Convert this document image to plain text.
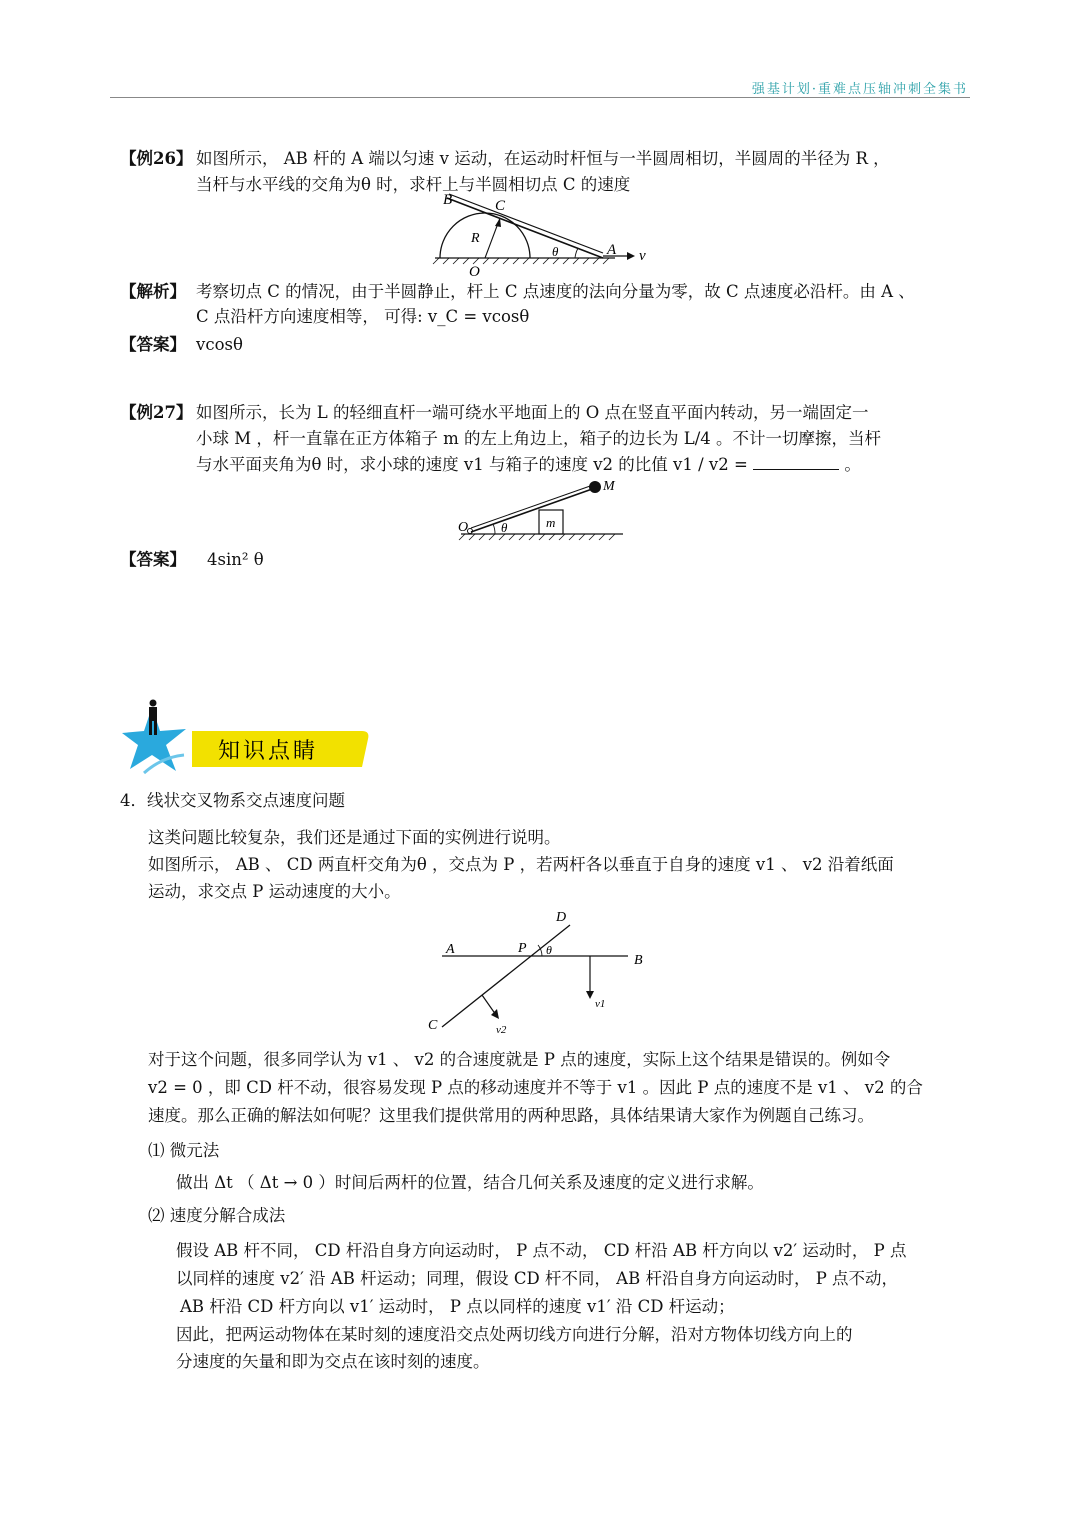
强基计划·重难点压轴冲刺全集书
【例26】 如图所示， AB 杆的 A 端以匀速 v 运动，在运动时杆恒与一半圆周相切，半圆周的半径为 R ，
当杆与水平线的交角为θ 时，求杆上与半圆相切点 C 的速度
B	C
R
O
θ	A v
【解析】 考察切点 C 的情况，由于半圆静止，杆上 C 点速度的法向分量为零，故 C 点速度必沿杆。由 A 、
C 点沿杆方向速度相等， 可得: v_C = vcosθ
【答案】 vcosθ
【例27】 如图所示，长为 L 的轻细直杆一端可绕水平地面上的 O 点在竖直平面内转动，另一端固定一
小球 M ，杆一直靠在正方体箱子 m 的左上角边上，箱子的边长为 L/4 。不计一切摩擦，当杆
与水平面夹角为θ 时，求小球的速度 v1 与箱子的速度 v2 的比值 v1 / v2 =	。
M
O	θ	m
【答案】 4sin² θ
知识点睛
4．线状交叉物系交点速度问题
这类问题比较复杂，我们还是通过下面的实例进行说明。
如图所示， AB 、 CD 两直杆交角为θ ，交点为 P ，若两杆各以垂直于自身的速度 v1 、 v2 沿着纸面
运动，求交点 P 运动速度的大小。
D
A	P θ
B
C
v1
v2
对于这个问题，很多同学认为 v1 、 v2 的合速度就是 P 点的速度，实际上这个结果是错误的。例如令
v2 = 0 ，即 CD 杆不动，很容易发现 P 点的移动速度并不等于 v1 。因此 P 点的速度不是 v1 、 v2 的合
速度。那么正确的解法如何呢？这里我们提供常用的两种思路，具体结果请大家作为例题自己练习。
⑴ 微元法
做出 Δt （ Δt → 0 ）时间后两杆的位置，结合几何关系及速度的定义进行求解。
⑵ 速度分解合成法
假设 AB 杆不同， CD 杆沿自身方向运动时， P 点不动， CD 杆沿 AB 杆方向以 v2′ 运动时， P 点
以同样的速度 v2′ 沿 AB 杆运动；同理，假设 CD 杆不同， AB 杆沿自身方向运动时， P 点不动，
AB 杆沿 CD 杆方向以 v1′ 运动时， P 点以同样的速度 v1′ 沿 CD 杆运动；
因此，把两运动物体在某时刻的速度沿交点处两切线方向进行分解，沿对方物体切线方向上的
分速度的矢量和即为交点在该时刻的速度。
